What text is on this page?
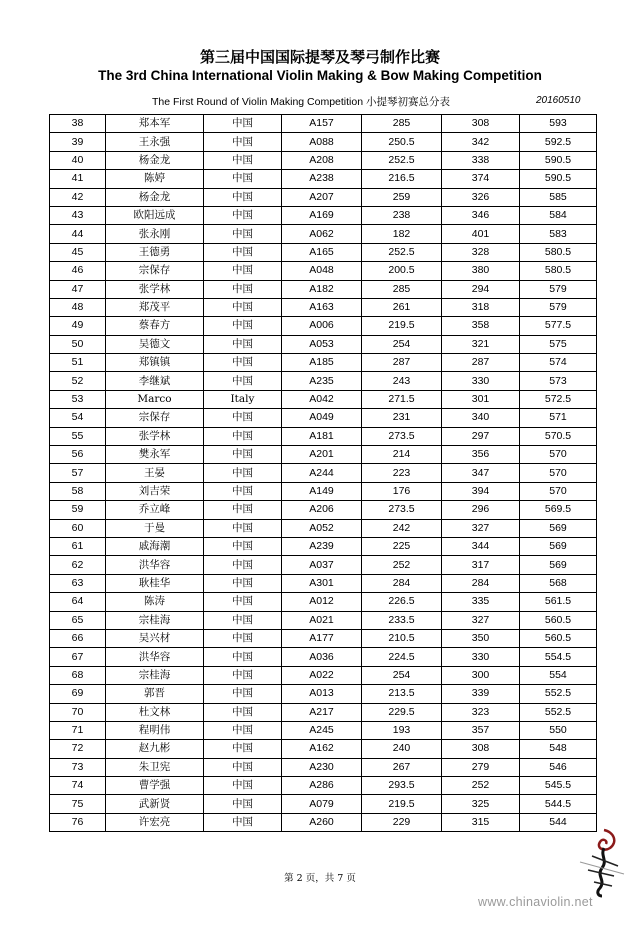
第三届中国国际提琴及琴弓制作比赛
The 3rd China International Violin Making & Bow Making Competition
The First Round of Violin Making Competition 小提琴初赛总分表	20160510
38	郑本军	中国	A157	285	308	593
39	王永强	中国	A088	250.5	342	592.5
40	杨金龙	中国	A208	252.5	338	590.5
41	陈婷	中国	A238	216.5	374	590.5
42	杨金龙	中国	A207	259	326	585
43	欧阳远成	中国	A169	238	346	584
44	张永刚	中国	A062	182	401	583
45	王德勇	中国	A165	252.5	328	580.5
46	宗保存	中国	A048	200.5	380	580.5
47	张学林	中国	A182	285	294	579
48	郑茂平	中国	A163	261	318	579
49	蔡春方	中国	A006	219.5	358	577.5
50	吴德文	中国	A053	254	321	575
51	郑镇镇	中国	A185	287	287	574
52	李继斌	中国	A235	243	330	573
53	Marco	Italy	A042	271.5	301	572.5
54	宗保存	中国	A049	231	340	571
55	张学林	中国	A181	273.5	297	570.5
56	樊永军	中国	A201	214	356	570
57	王晏	中国	A244	223	347	570
58	刘吉荣	中国	A149	176	394	570
59	乔立峰	中国	A206	273.5	296	569.5
60	于曼	中国	A052	242	327	569
61	戚海潮	中国	A239	225	344	569
62	洪华容	中国	A037	252	317	569
63	耿桂华	中国	A301	284	284	568
64	陈涛	中国	A012	226.5	335	561.5
65	宗桂海	中国	A021	233.5	327	560.5
66	吴兴材	中国	A177	210.5	350	560.5
67	洪华容	中国	A036	224.5	330	554.5
68	宗桂海	中国	A022	254	300	554
69	郭晋	中国	A013	213.5	339	552.5
70	杜文林	中国	A217	229.5	323	552.5
71	程明伟	中国	A245	193	357	550
72	赵九彬	中国	A162	240	308	548
73	朱卫宪	中国	A230	267	279	546
74	曹学强	中国	A286	293.5	252	545.5
75	武新贤	中国	A079	219.5	325	544.5
76	许宏亮	中国	A260	229	315	544
第 2 页，共 7 页
www.chinaviolin.net
